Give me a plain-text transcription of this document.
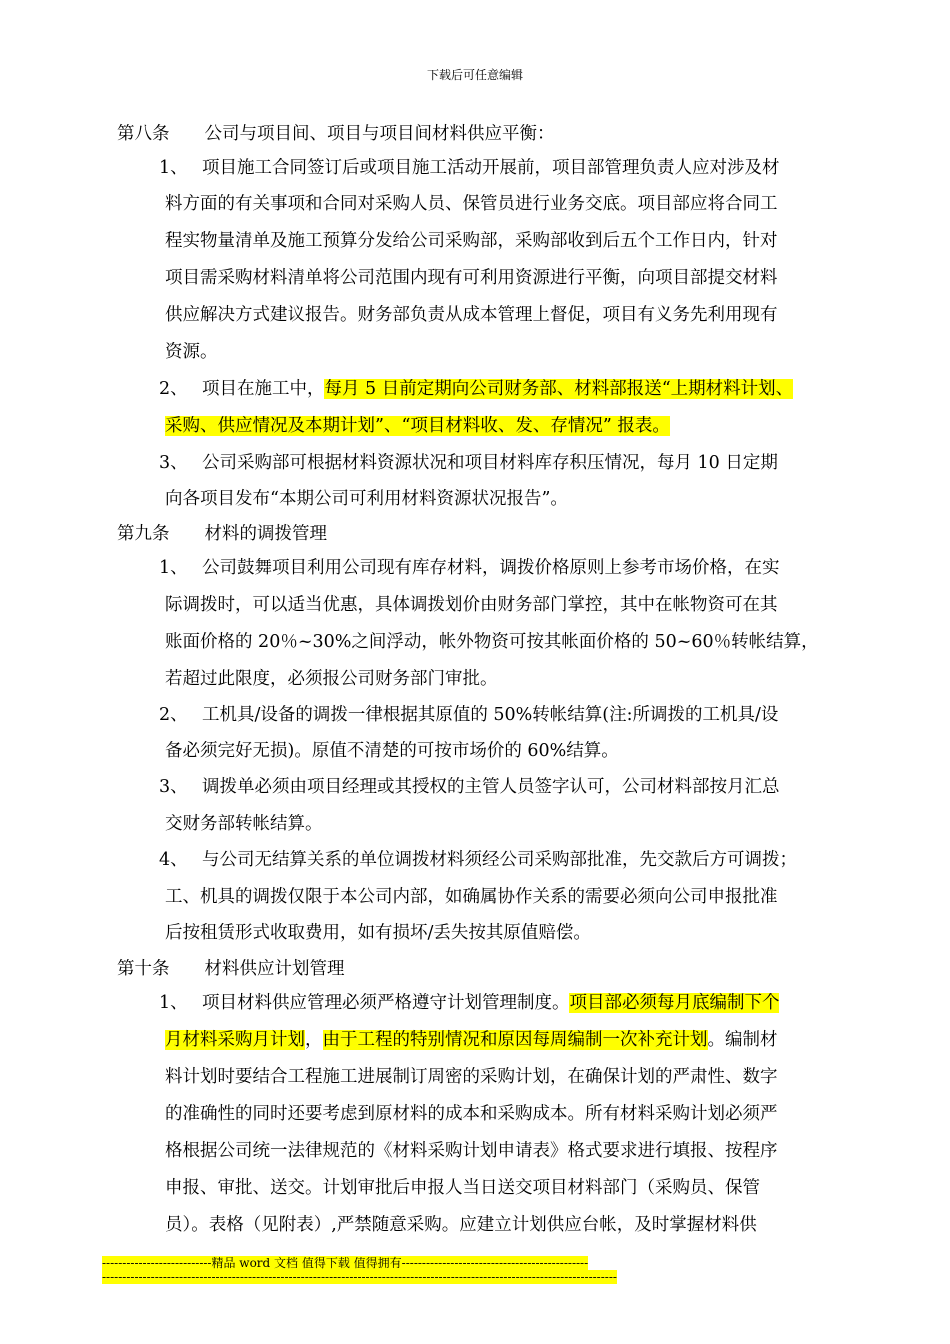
下载后可任意编辑
第八条　　公司与项目间、项目与项目间材料供应平衡：
1、　 项目施工合同签订后或项目施工活动开展前，项目部管理负责人应对涉及材
料方面的有关事项和合同对采购人员、保管员进行业务交底。项目部应将合同工
程实物量清单及施工预算分发给公司采购部，采购部收到后五个工作日内，针对
项目需采购材料清单将公司范围内现有可利用资源进行平衡，向项目部提交材料
供应解决方式建议报告。财务部负责从成本管理上督促，项目有义务先利用现有
资源。
2、　 项目在施工中，每月 5 日前定期向公司财务部、材料部报送“上期材料计划、
采购、供应情况及本期计划”、“项目材料收、发、存情况” 报表。
3、　 公司采购部可根据材料资源状况和项目材料库存积压情况，每月 10 日定期
向各项目发布“本期公司可利用材料资源状况报告”。
第九条　　材料的调拨管理
1、　 公司鼓舞项目利用公司现有库存材料，调拨价格原则上参考市场价格，在实
际调拨时，可以适当优惠，具体调拨划价由财务部门掌控，其中在帐物资可在其
账面价格的 20％~30%之间浮动，帐外物资可按其帐面价格的 50~60％转帐结算，
若超过此限度，必须报公司财务部门审批。
2、　 工机具/设备的调拨一律根据其原值的 50%转帐结算(注:所调拨的工机具/设
备必须完好无损)。原值不清楚的可按市场价的 60%结算。
3、　 调拨单必须由项目经理或其授权的主管人员签字认可，公司材料部按月汇总
交财务部转帐结算。
4、　 与公司无结算关系的单位调拨材料须经公司采购部批准，先交款后方可调拨；
工、机具的调拨仅限于本公司内部，如确属协作关系的需要必须向公司申报批准
后按租赁形式收取费用，如有损坏/丢失按其原值赔偿。
第十条　　材料供应计划管理
1、　 项目材料供应管理必须严格遵守计划管理制度。项目部必须每月底编制下个
月材料采购月计划，由于工程的特别情况和原因每周编制一次补充计划。编制材
料计划时要结合工程施工进展制订周密的采购计划，在确保计划的严肃性、数字
的准确性的同时还要考虑到原材料的成本和采购成本。所有材料采购计划必须严
格根据公司统一法律规范的《材料采购计划申请表》格式要求进行填报、按程序
申报、审批、送交。计划审批后申报人当日送交项目材料部门（采购员、保管
员）。表格（见附表）,严禁随意采购。应建立计划供应台帐，及时掌握材料供
---------------------------精品 word 文档 值得下载 值得拥有----------------------------------------------
-------------------------------------------------------------------------------------------------------------------------------
